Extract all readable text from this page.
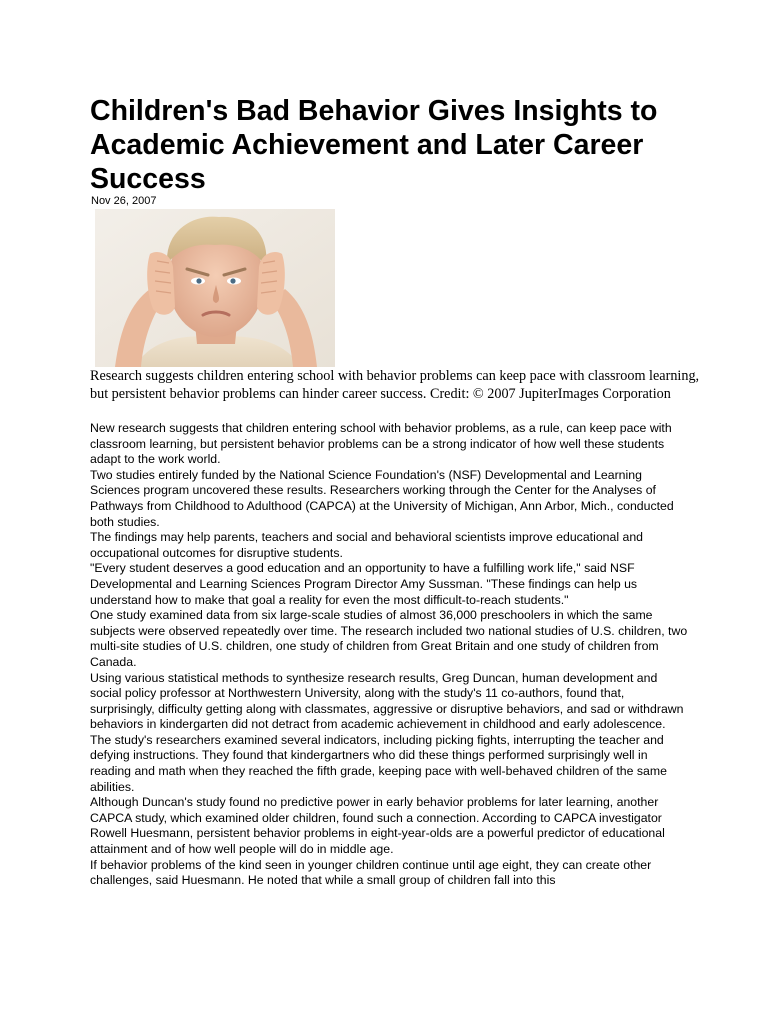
Children's Bad Behavior Gives Insights to Academic Achievement and Later Career Success
Nov 26, 2007

Research suggests children entering school with behavior problems can keep pace with classroom learning, but persistent behavior problems can hinder career success. Credit: © 2007 JupiterImages Corporation

New research suggests that children entering school with behavior problems, as a rule, can keep pace with classroom learning, but persistent behavior problems can be a strong indicator of how well these students adapt to the work world.

Two studies entirely funded by the National Science Foundation's (NSF) Developmental and Learning Sciences program uncovered these results. Researchers working through the Center for the Analyses of Pathways from Childhood to Adulthood (CAPCA) at the University of Michigan, Ann Arbor, Mich., conducted both studies.

The findings may help parents, teachers and social and behavioral scientists improve educational and occupational outcomes for disruptive students.

"Every student deserves a good education and an opportunity to have a fulfilling work life," said NSF Developmental and Learning Sciences Program Director Amy Sussman. "These findings can help us understand how to make that goal a reality for even the most difficult-to-reach students."

One study examined data from six large-scale studies of almost 36,000 preschoolers in which the same subjects were observed repeatedly over time. The research included two national studies of U.S. children, two multi-site studies of U.S. children, one study of children from Great Britain and one study of children from Canada.

Using various statistical methods to synthesize research results, Greg Duncan, human development and social policy professor at Northwestern University, along with the study's 11 co-authors, found that, surprisingly, difficulty getting along with classmates, aggressive or disruptive behaviors, and sad or withdrawn behaviors in kindergarten did not detract from academic achievement in childhood and early adolescence.

The study's researchers examined several indicators, including picking fights, interrupting the teacher and defying instructions. They found that kindergartners who did these things performed surprisingly well in reading and math when they reached the fifth grade, keeping pace with well-behaved children of the same abilities.

Although Duncan's study found no predictive power in early behavior problems for later learning, another CAPCA study, which examined older children, found such a connection. According to CAPCA investigator Rowell Huesmann, persistent behavior problems in eight-year-olds are a powerful predictor of educational attainment and of how well people will do in middle age.

If behavior problems of the kind seen in younger children continue until age eight, they can create other challenges, said Huesmann. He noted that while a small group of children fall into this
